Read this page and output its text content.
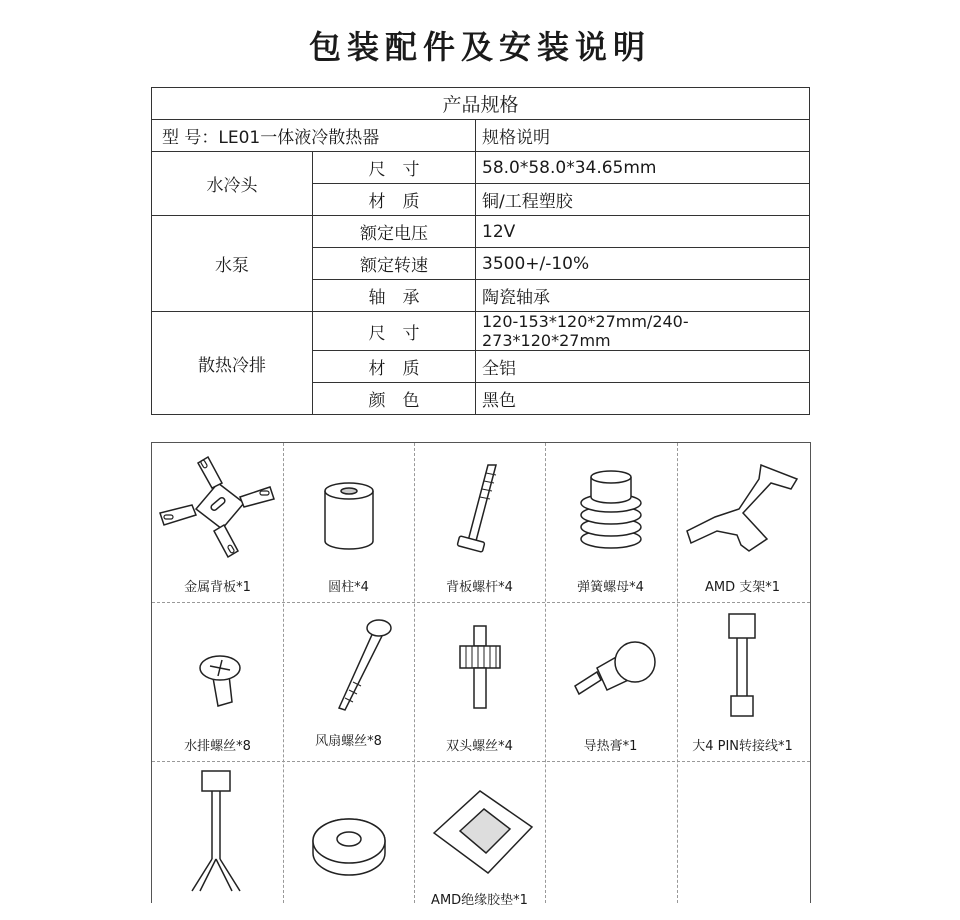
包装配件及安装说明
产品规格		
型 号：LE01一体液冷散热器		规格说明
水冷头	尺　寸	58.0*58.0*34.65mm
	材　质	铜/工程塑胶
水泵	额定电压	12V
	额定转速	3500+/-10%
	轴　承	陶瓷轴承
散热冷排	尺　寸	120-153*120*27mm/240-273*120*27mm
	材　质	全铝
	颜　色	黑色
金属背板*1	圆柱*4	背板螺杆*4	弹簧螺母*4	AMD 支架*1
水排螺丝*8	风扇螺丝*8	双头螺丝*4	导热膏*1	大4 PIN转接线*1
AMD绝缘胶垫*1
